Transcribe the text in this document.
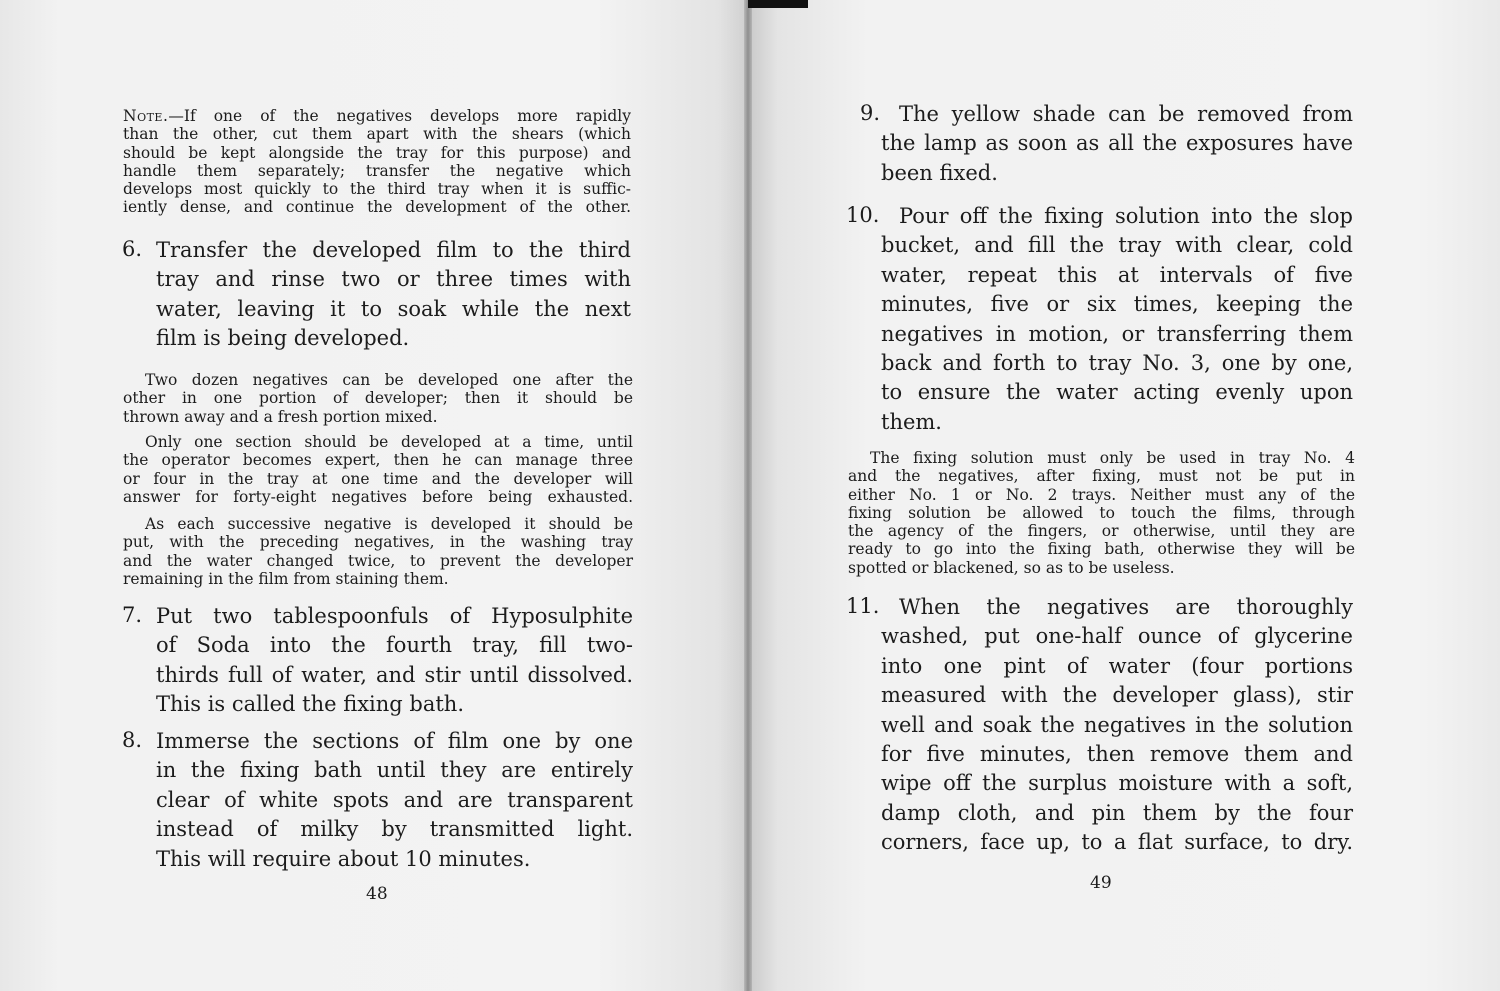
Note.—If one of the negatives develops more rapidly
than the other, cut them apart with the shears (which
should be kept alongside the tray for this purpose) and
handle them separately; transfer the negative which
develops most quickly to the third tray when it is suffic-
iently dense, and continue the development of the other.
6. Transfer the developed film to the third
tray and rinse two or three times with
water, leaving it to soak while the next
film is being developed.
Two dozen negatives can be developed one after the
other in one portion of developer; then it should be
thrown away and a fresh portion mixed.
Only one section should be developed at a time, until
the operator becomes expert, then he can manage three
or four in the tray at one time and the developer will
answer for forty-eight negatives before being exhausted.
As each successive negative is developed it should be
put, with the preceding negatives, in the washing tray
and the water changed twice, to prevent the developer
remaining in the film from staining them.
7. Put two tablespoonfuls of Hyposulphite
of Soda into the fourth tray, fill two-
thirds full of water, and stir until dissolved.
This is called the fixing bath.
8. Immerse the sections of film one by one
in the fixing bath until they are entirely
clear of white spots and are transparent
instead of milky by transmitted light.
This will require about 10 minutes.
48
9. The yellow shade can be removed from
the lamp as soon as all the exposures have
been fixed.
10. Pour off the fixing solution into the slop
bucket, and fill the tray with clear, cold
water, repeat this at intervals of five
minutes, five or six times, keeping the
negatives in motion, or transferring them
back and forth to tray No. 3, one by one,
to ensure the water acting evenly upon
them.
The fixing solution must only be used in tray No. 4
and the negatives, after fixing, must not be put in
either No. 1 or No. 2 trays. Neither must any of the
fixing solution be allowed to touch the films, through
the agency of the fingers, or otherwise, until they are
ready to go into the fixing bath, otherwise they will be
spotted or blackened, so as to be useless.
11. When the negatives are thoroughly
washed, put one-half ounce of glycerine
into one pint of water (four portions
measured with the developer glass), stir
well and soak the negatives in the solution
for five minutes, then remove them and
wipe off the surplus moisture with a soft,
damp cloth, and pin them by the four
corners, face up, to a flat surface, to dry.
49
